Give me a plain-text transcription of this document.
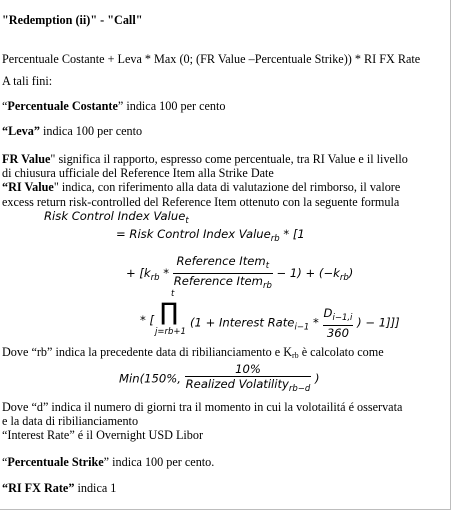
"Redemption (ii)" - "Call"
Percentuale Costante + Leva * Max (0; (FR Value –Percentuale Strike)) * RI FX Rate
A tali fini:
“Percentuale Costante” indica 100 per cento
“Leva” indica 100 per cento
FR Value" significa il rapporto, espresso come percentuale, tra RI Value e il livello
di chiusura ufficiale del Reference Item alla Strike Date
“RI Value" indica, con riferimento alla data di valutazione del rimborso, il valore
excess return risk-controlled del Reference Item ottenuto con la seguente formula
Risk Control Index Value$_t$
= Risk Control Index Value$_{rb}$ * [1
+ $[k_{rb} * \frac{Reference Item_t}{Reference Item_{rb}} - 1) + (-k_{rb})$
t
∏
j=rb+1
* [	(1 + Interest Rate$_{i-1}$ * $\frac{D_{i-1,i}}{360}$ ) − 1]]]
Dove “rb” indica la precedente data di ribilianciamento e Krb è calcolato come
Min(150%, $\frac{10\%}{Realized Volatility_{rb-d}}$ )
Dove “d” indica il numero di giorni tra il momento in cui la volotailitá é osservata
e la data di ribilianciamento
“Interest Rate” é il Overnight USD Libor
“Percentuale Strike” indica 100 per cento.
“RI FX Rate” indica 1
